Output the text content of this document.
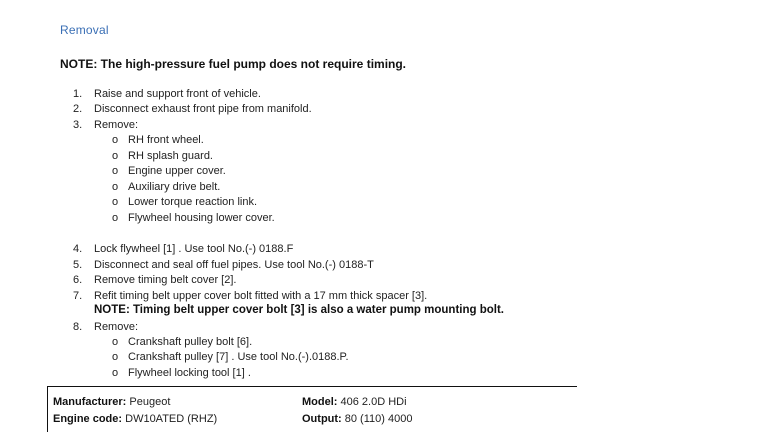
Removal
NOTE: The high-pressure fuel pump does not require timing.
1.	Raise and support front of vehicle.
2.	Disconnect exhaust front pipe from manifold.
3.	Remove:
o RH front wheel.
o RH splash guard.
o Engine upper cover.
o Auxiliary drive belt.
o Lower torque reaction link.
o Flywheel housing lower cover.
4.	Lock flywheel [1] . Use tool No.(-) 0188.F
5.	Disconnect and seal off fuel pipes. Use tool No.(-) 0188-T
6.	Remove timing belt cover [2].
7.	Refit timing belt upper cover bolt fitted with a 17 mm thick spacer [3].
NOTE: Timing belt upper cover bolt [3] is also a water pump mounting bolt.
8.	Remove:
o Crankshaft pulley bolt [6].
o Crankshaft pulley [7] . Use tool No.(-).0188.P.
o Flywheel locking tool [1] .
Manufacturer: Peugeot	Model: 406 2.0D HDi
Engine code: DW10ATED (RHZ)	Output: 80 (110) 4000
